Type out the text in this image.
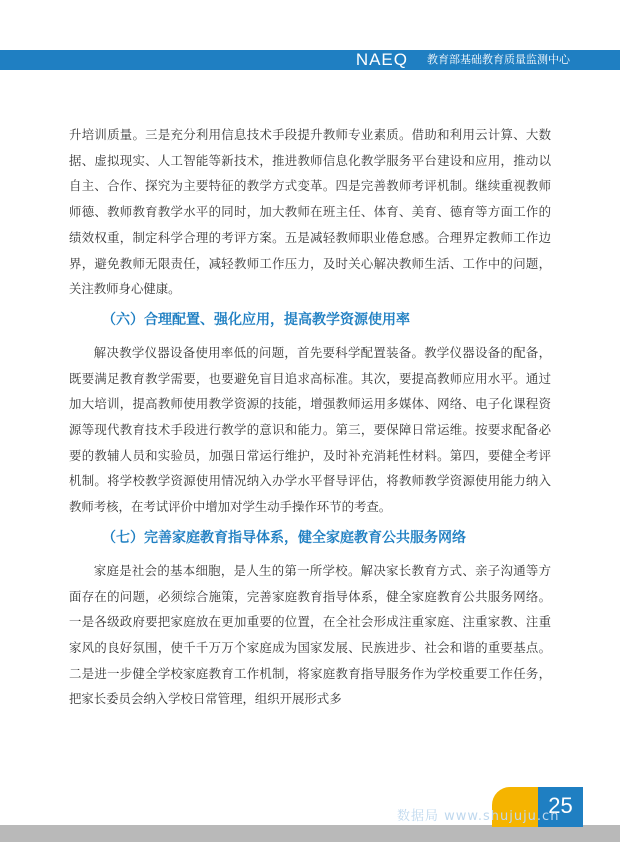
NAEQ 教育部基础教育质量监测中心

升培训质量。三是充分利用信息技术手段提升教师专业素质。借助和利用云计算、大数据、虚拟现实、人工智能等新技术，推进教师信息化教学服务平台建设和应用，推动以自主、合作、探究为主要特征的教学方式变革。四是完善教师考评机制。继续重视教师师德、教师教育教学水平的同时，加大教师在班主任、体育、美育、德育等方面工作的绩效权重，制定科学合理的考评方案。五是减轻教师职业倦怠感。合理界定教师工作边界，避免教师无限责任，减轻教师工作压力，及时关心解决教师生活、工作中的问题，关注教师身心健康。

（六）合理配置、强化应用，提高教学资源使用率

解决教学仪器设备使用率低的问题，首先要科学配置装备。教学仪器设备的配备，既要满足教育教学需要，也要避免盲目追求高标准。其次，要提高教师应用水平。通过加大培训，提高教师使用教学资源的技能，增强教师运用多媒体、网络、电子化课程资源等现代教育技术手段进行教学的意识和能力。第三，要保障日常运维。按要求配备必要的教辅人员和实验员，加强日常运行维护，及时补充消耗性材料。第四，要健全考评机制。将学校教学资源使用情况纳入办学水平督导评估，将教师教学资源使用能力纳入教师考核，在考试评价中增加对学生动手操作环节的考查。

（七）完善家庭教育指导体系，健全家庭教育公共服务网络

家庭是社会的基本细胞，是人生的第一所学校。解决家长教育方式、亲子沟通等方面存在的问题，必须综合施策，完善家庭教育指导体系，健全家庭教育公共服务网络。一是各级政府要把家庭放在更加重要的位置，在全社会形成注重家庭、注重家教、注重家风的良好氛围，使千千万万个家庭成为国家发展、民族进步、社会和谐的重要基点。二是进一步健全学校家庭教育工作机制，将家庭教育指导服务作为学校重要工作任务，把家长委员会纳入学校日常管理，组织开展形式多

25
数据局 www.shujuju.cn
